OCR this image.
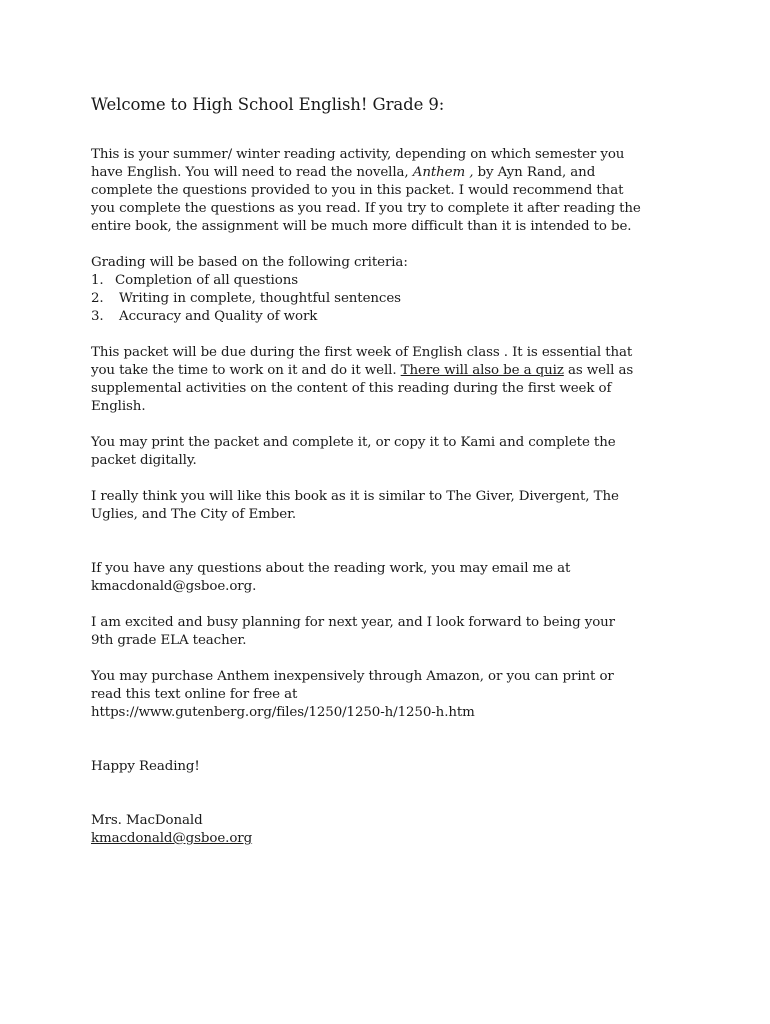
Welcome to High School English! Grade 9:
This is your summer/ winter reading activity, depending on which semester you
have English. You will need to read the novella, Anthem , by Ayn Rand, and
complete the questions provided to you in this packet. I would recommend that
you complete the questions as you read. If you try to complete it after reading the
entire book, the assignment will be much more difficult than it is intended to be.
Grading will be based on the following criteria:
1. Completion of all questions
2. Writing in complete, thoughtful sentences
3. Accuracy and Quality of work
This packet will be due during the first week of English class . It is essential that
you take the time to work on it and do it well. There will also be a quiz as well as
supplemental activities on the content of this reading during the first week of
English.
You may print the packet and complete it, or copy it to Kami and complete the
packet digitally.
I really think you will like this book as it is similar to The Giver, Divergent, The
Uglies, and The City of Ember.
If you have any questions about the reading work, you may email me at
kmacdonald@gsboe.org.
I am excited and busy planning for next year, and I look forward to being your
9th grade ELA teacher.
You may purchase Anthem inexpensively through Amazon, or you can print or
read this text online for free at
https://www.gutenberg.org/files/1250/1250-h/1250-h.htm
Happy Reading!
Mrs. MacDonald
kmacdonald@gsboe.org
